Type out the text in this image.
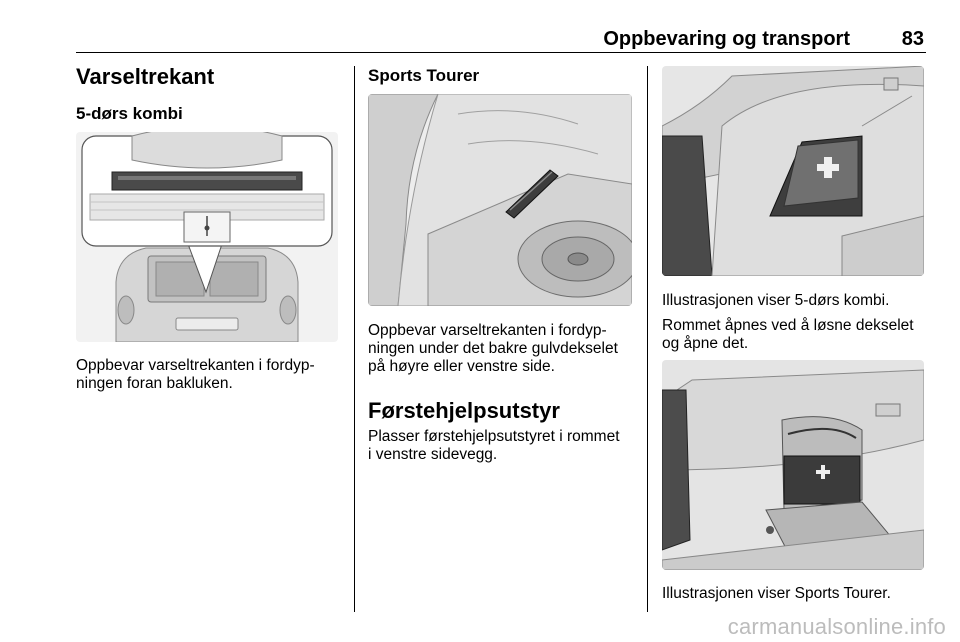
Oppbevaring og transport	83
Varseltrekant
5-dørs kombi
Oppbevar varseltrekanten i fordyp-
ningen foran bakluken.
Sports Tourer
Oppbevar varseltrekanten i fordyp-
ningen under det bakre gulvdekselet
på høyre eller venstre side.
Førstehjelpsutstyr
Plasser førstehjelpsutstyret i rommet
i venstre sidevegg.
Illustrasjonen viser 5-dørs kombi.
Rommet åpnes ved å løsne dekselet
og åpne det.
Illustrasjonen viser Sports Tourer.
carmanualsonline.info
